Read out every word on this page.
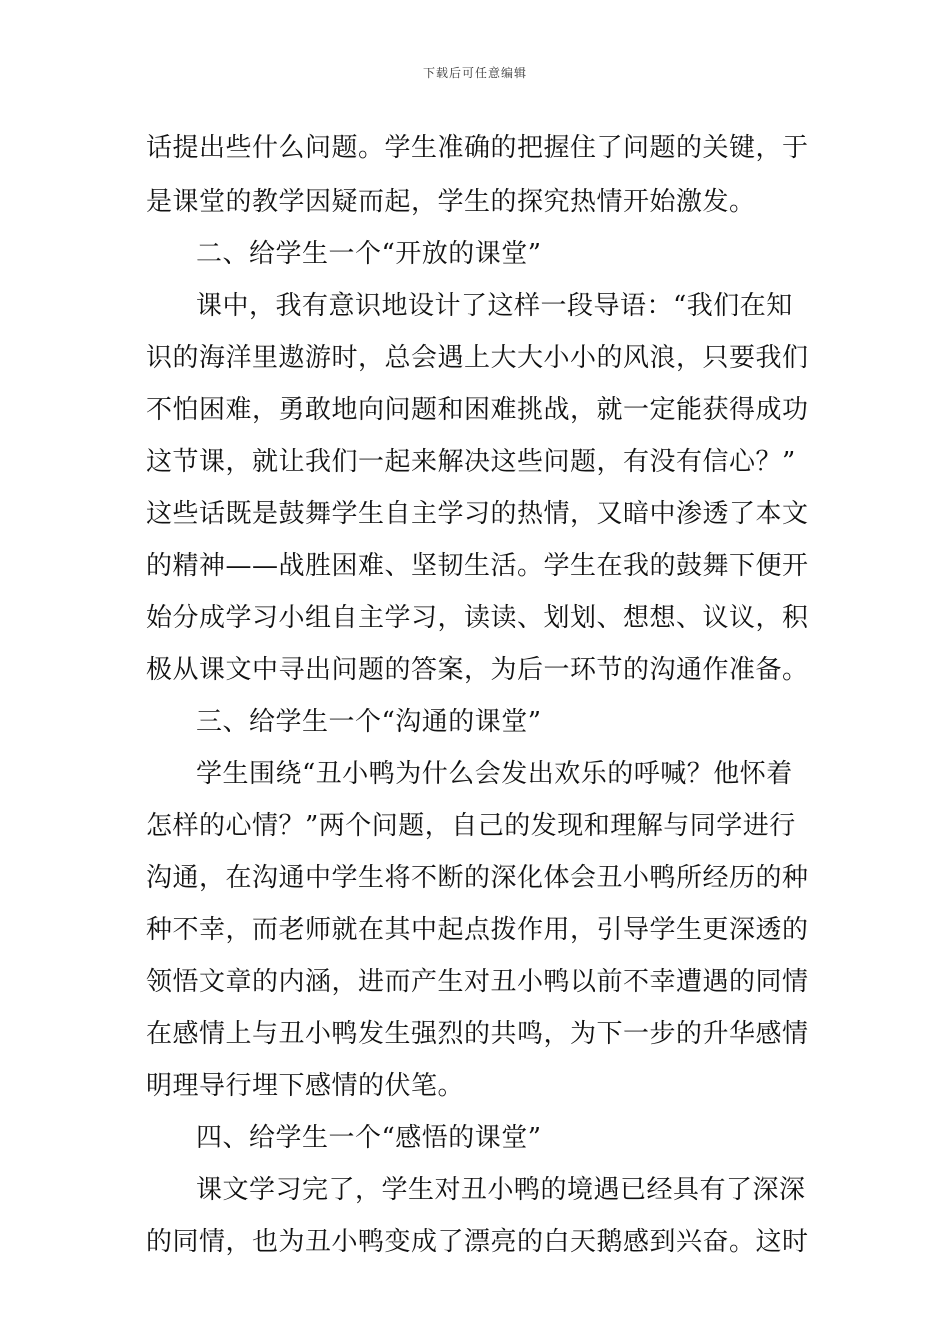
下载后可任意编辑
话提出些什么问题。学生准确的把握住了问题的关键，于
是课堂的教学因疑而起，学生的探究热情开始激发。
二、给学生一个“开放的课堂”
课中，我有意识地设计了这样一段导语：“我们在知
识的海洋里遨游时，总会遇上大大小小的风浪，只要我们
不怕困难，勇敢地向问题和困难挑战，就一定能获得成功
这节课，就让我们一起来解决这些问题，有没有信心？”
这些话既是鼓舞学生自主学习的热情，又暗中渗透了本文
的精神——战胜困难、坚韧生活。学生在我的鼓舞下便开
始分成学习小组自主学习，读读、划划、想想、议议，积
极从课文中寻出问题的答案，为后一环节的沟通作准备。
三、给学生一个“沟通的课堂”
学生围绕“丑小鸭为什么会发出欢乐的呼喊？他怀着
怎样的心情？”两个问题，自己的发现和理解与同学进行
沟通，在沟通中学生将不断的深化体会丑小鸭所经历的种
种不幸，而老师就在其中起点拨作用，引导学生更深透的
领悟文章的内涵，进而产生对丑小鸭以前不幸遭遇的同情
在感情上与丑小鸭发生强烈的共鸣，为下一步的升华感情
明理导行埋下感情的伏笔。
四、给学生一个“感悟的课堂”
课文学习完了，学生对丑小鸭的境遇已经具有了深深
的同情，也为丑小鸭变成了漂亮的白天鹅感到兴奋。这时
